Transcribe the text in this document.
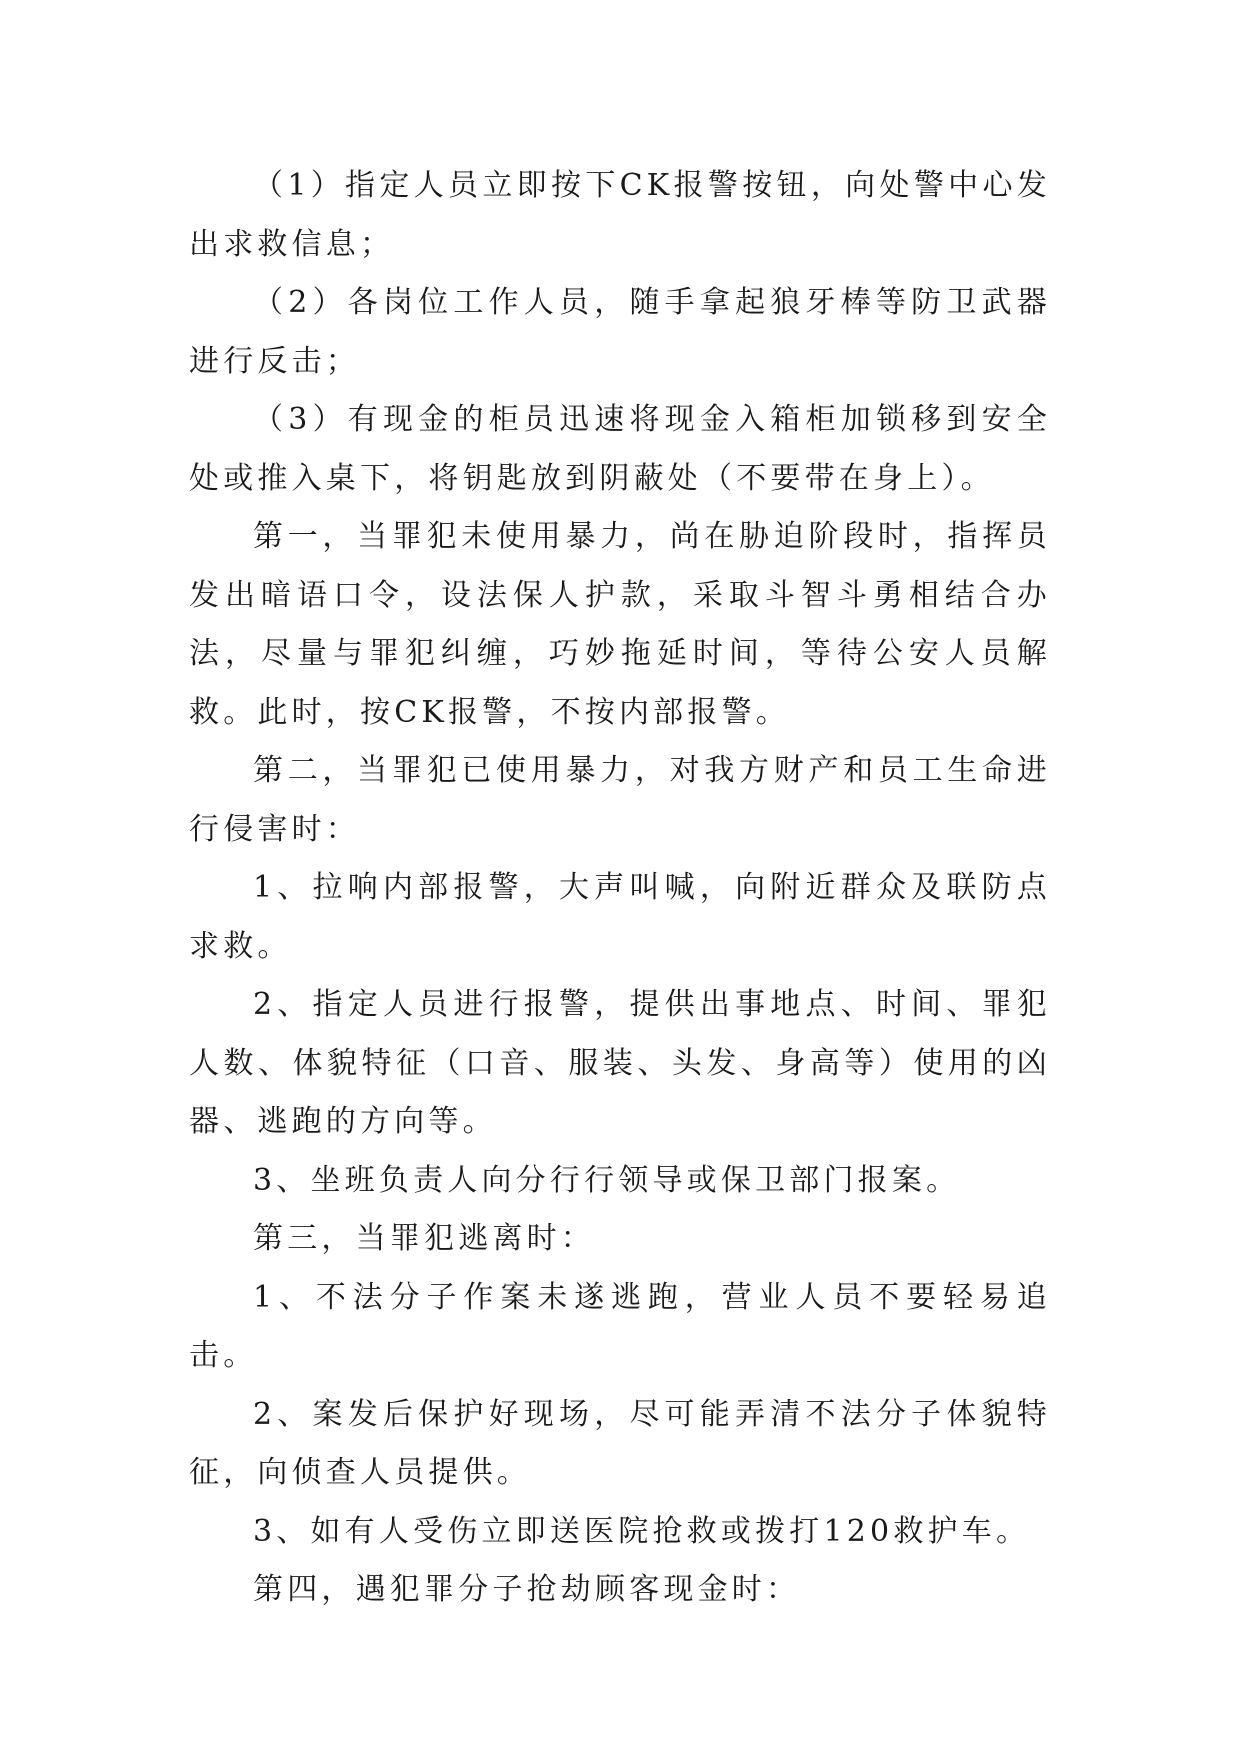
（1）指定人员立即按下CK报警按钮，向处警中心发出求救信息；

（2）各岗位工作人员，随手拿起狼牙棒等防卫武器进行反击；

（3）有现金的柜员迅速将现金入箱柜加锁移到安全处或推入桌下，将钥匙放到阴蔽处（不要带在身上）。

第一，当罪犯未使用暴力，尚在胁迫阶段时，指挥员发出暗语口令，设法保人护款，采取斗智斗勇相结合办法，尽量与罪犯纠缠，巧妙拖延时间，等待公安人员解救。此时，按CK报警，不按内部报警。

第二，当罪犯已使用暴力，对我方财产和员工生命进行侵害时：

1、拉响内部报警，大声叫喊，向附近群众及联防点求救。

2、指定人员进行报警，提供出事地点、时间、罪犯人数、体貌特征（口音、服装、头发、身高等）使用的凶器、逃跑的方向等。

3、坐班负责人向分行行领导或保卫部门报案。

第三，当罪犯逃离时：

1、不法分子作案未遂逃跑，营业人员不要轻易追击。

2、案发后保护好现场，尽可能弄清不法分子体貌特征，向侦查人员提供。

3、如有人受伤立即送医院抢救或拨打120救护车。

第四，遇犯罪分子抢劫顾客现金时：
